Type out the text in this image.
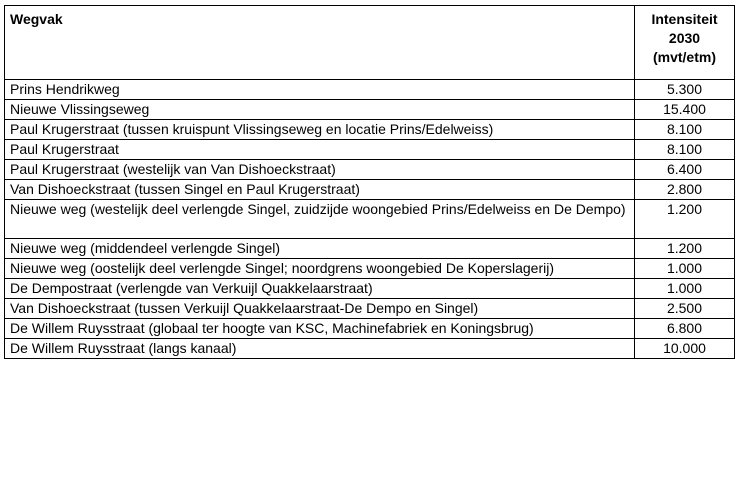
Wegvak	Intensiteit
2030
(mvt/etm)

Prins Hendrikweg	5.300
Nieuwe Vlissingseweg	15.400
Paul Krugerstraat (tussen kruispunt Vlissingseweg en locatie Prins/Edelweiss)	8.100
Paul Krugerstraat	8.100
Paul Krugerstraat (westelijk van Van Dishoeckstraat)	6.400
Van Dishoeckstraat (tussen Singel en Paul Krugerstraat)	2.800
Nieuwe weg (westelijk deel verlengde Singel, zuidzijde woongebied Prins/Edelweiss en De Dempo)	1.200
Nieuwe weg (middendeel verlengde Singel)	1.200
Nieuwe weg (oostelijk deel verlengde Singel; noordgrens woongebied De Koperslagerij)	1.000
De Dempostraat (verlengde van Verkuijl Quakkelaarstraat)	1.000
Van Dishoeckstraat (tussen Verkuijl Quakkelaarstraat-De Dempo en Singel)	2.500
De Willem Ruysstraat (globaal ter hoogte van KSC, Machinefabriek en Koningsbrug)	6.800
De Willem Ruysstraat (langs kanaal)	10.000
